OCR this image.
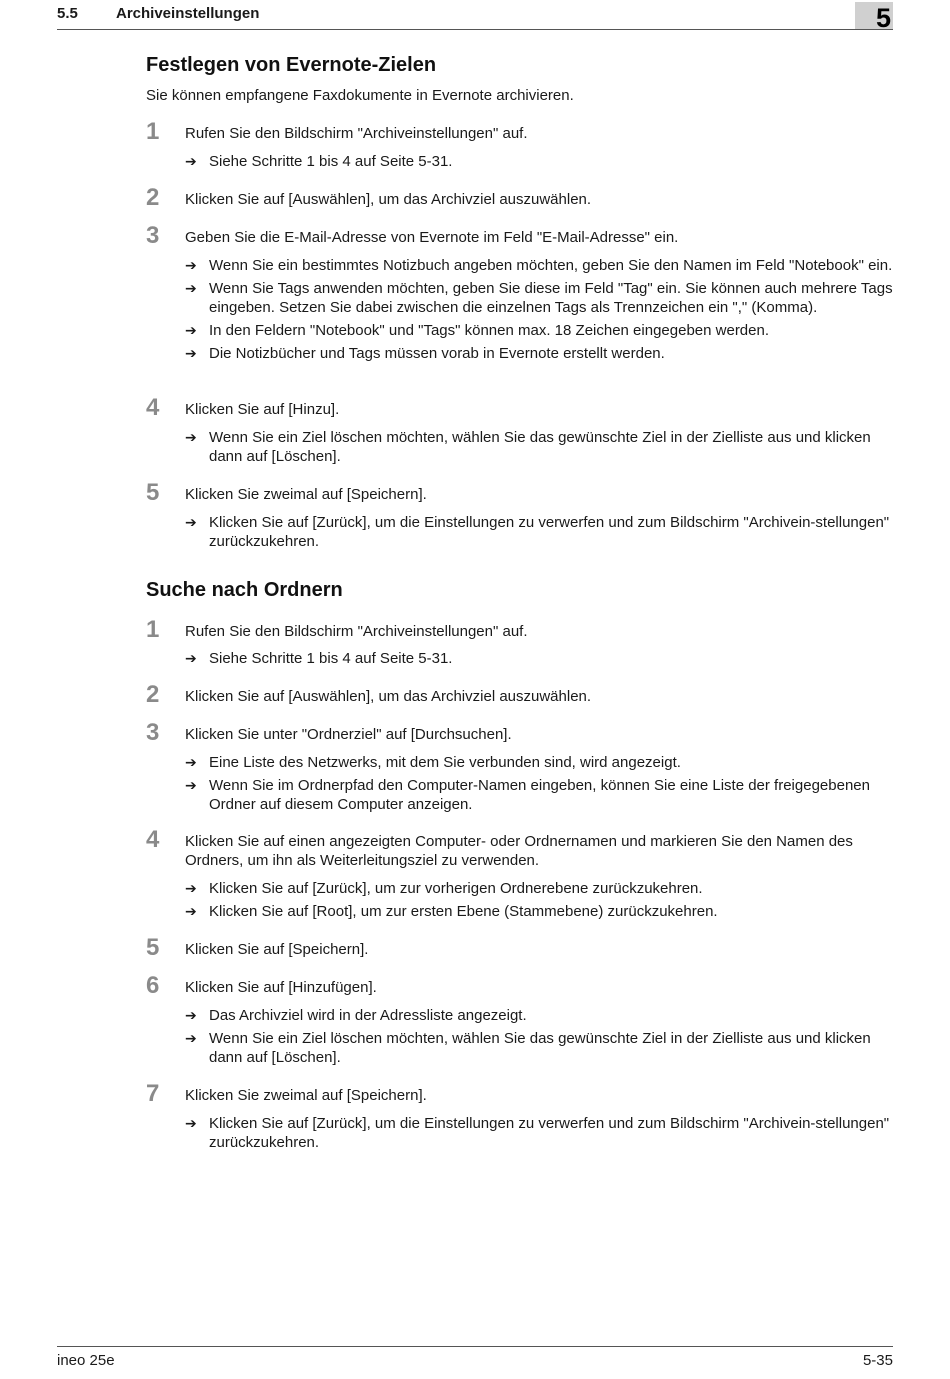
5.5	Archiveinstellungen	5
Festlegen von Evernote-Zielen

Sie können empfangene Faxdokumente in Evernote archivieren.

1 Rufen Sie den Bildschirm "Archiveinstellungen" auf.

➔ Siehe Schritte 1 bis 4 auf Seite 5-31.
2 Klicken Sie auf [Auswählen], um das Archivziel auszuwählen.

3 Geben Sie die E-Mail-Adresse von Evernote im Feld "E-Mail-Adresse" ein.

➔ Wenn Sie ein bestimmtes Notizbuch angeben möchten, geben Sie den Namen im Feld "Notebook" ein.
➔ Wenn Sie Tags anwenden möchten, geben Sie diese im Feld "Tag" ein. Sie können auch mehrere Tags eingeben. Setzen Sie dabei zwischen die einzelnen Tags als Trennzeichen ein "," (Komma).
➔ In den Feldern "Notebook" und "Tags" können max. 18 Zeichen eingegeben werden.
➔ Die Notizbücher und Tags müssen vorab in Evernote erstellt werden.
4 Klicken Sie auf [Hinzu].

➔ Wenn Sie ein Ziel löschen möchten, wählen Sie das gewünschte Ziel in der Zielliste aus und klicken dann auf [Löschen].
5 Klicken Sie zweimal auf [Speichern].

➔ Klicken Sie auf [Zurück], um die Einstellungen zu verwerfen und zum Bildschirm "Archivein-stellungen" zurückzukehren.
Suche nach Ordnern
1 Rufen Sie den Bildschirm "Archiveinstellungen" auf.

➔ Siehe Schritte 1 bis 4 auf Seite 5-31.
2 Klicken Sie auf [Auswählen], um das Archivziel auszuwählen.

3 Klicken Sie unter "Ordnerziel" auf [Durchsuchen].

➔ Eine Liste des Netzwerks, mit dem Sie verbunden sind, wird angezeigt.
➔ Wenn Sie im Ordnerpfad den Computer-Namen eingeben, können Sie eine Liste der freigegebenen Ordner auf diesem Computer anzeigen.
4 Klicken Sie auf einen angezeigten Computer- oder Ordnernamen und markieren Sie den Namen des Ordners, um ihn als Weiterleitungsziel zu verwenden.

➔ Klicken Sie auf [Zurück], um zur vorherigen Ordnerebene zurückzukehren.
➔ Klicken Sie auf [Root], um zur ersten Ebene (Stammebene) zurückzukehren.
5 Klicken Sie auf [Speichern].

6 Klicken Sie auf [Hinzufügen].

➔ Das Archivziel wird in der Adressliste angezeigt.
➔ Wenn Sie ein Ziel löschen möchten, wählen Sie das gewünschte Ziel in der Zielliste aus und klicken dann auf [Löschen].
7 Klicken Sie zweimal auf [Speichern].

➔ Klicken Sie auf [Zurück], um die Einstellungen zu verwerfen und zum Bildschirm "Archivein-stellungen" zurückzukehren.
ineo 25e	5-35
